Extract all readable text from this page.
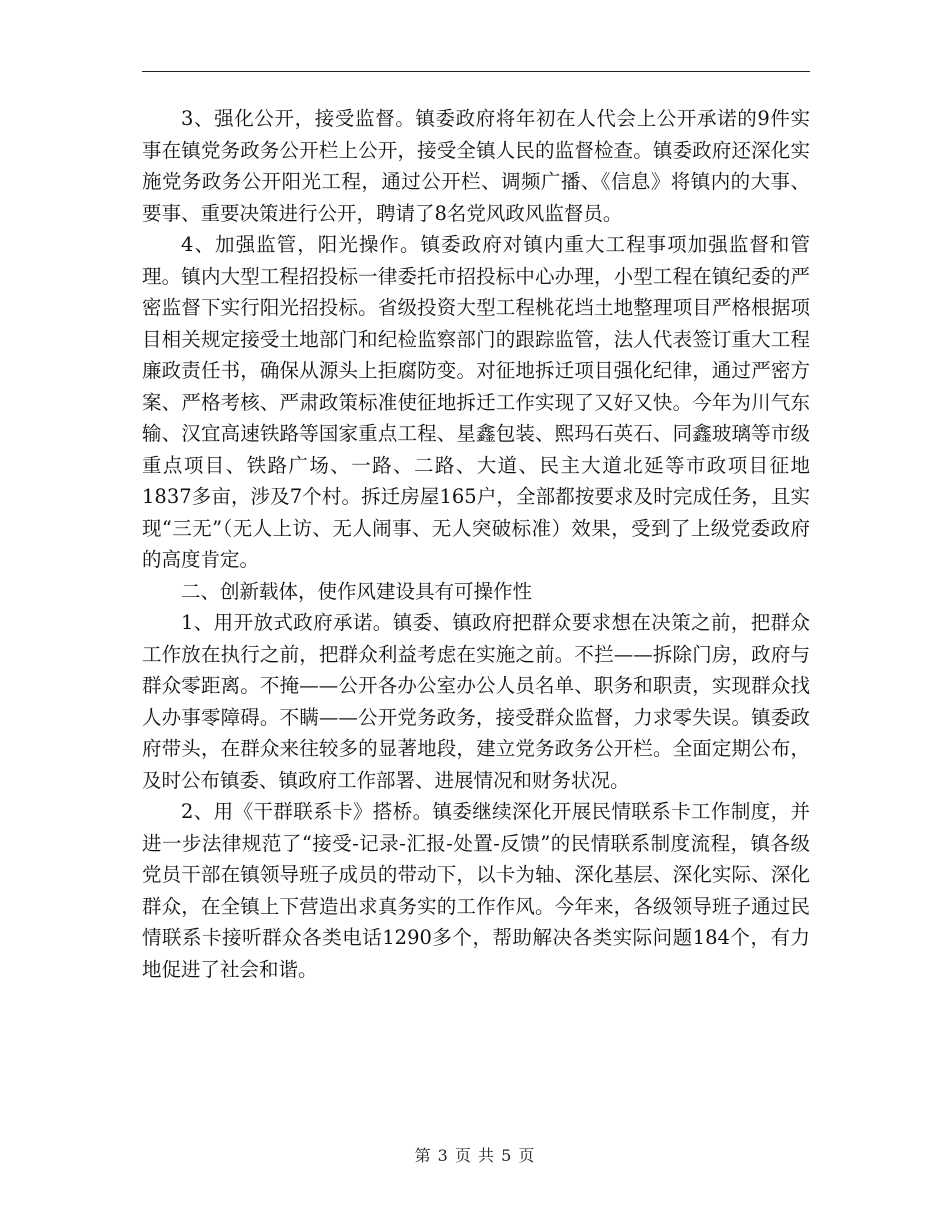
3、强化公开，接受监督。镇委政府将年初在人代会上公开承诺的9件实事在镇党务政务公开栏上公开，接受全镇人民的监督检查。镇委政府还深化实施党务政务公开阳光工程，通过公开栏、调频广播、《信息》将镇内的大事、要事、重要决策进行公开，聘请了8名党风政风监督员。

4、加强监管，阳光操作。镇委政府对镇内重大工程事项加强监督和管理。镇内大型工程招投标一律委托市招投标中心办理，小型工程在镇纪委的严密监督下实行阳光招投标。省级投资大型工程桃花垱土地整理项目严格根据项目相关规定接受土地部门和纪检监察部门的跟踪监管，法人代表签订重大工程廉政责任书，确保从源头上拒腐防变。对征地拆迁项目强化纪律，通过严密方案、严格考核、严肃政策标准使征地拆迁工作实现了又好又快。今年为川气东输、汉宜高速铁路等国家重点工程、星鑫包装、熙玛石英石、同鑫玻璃等市级重点项目、铁路广场、一路、二路、大道、民主大道北延等市政项目征地1837多亩，涉及7个村。拆迁房屋165户，全部都按要求及时完成任务，且实现“三无”（无人上访、无人闹事、无人突破标准）效果，受到了上级党委政府的高度肯定。

二、创新载体，使作风建设具有可操作性

1、用开放式政府承诺。镇委、镇政府把群众要求想在决策之前，把群众工作放在执行之前，把群众利益考虑在实施之前。不拦——拆除门房，政府与群众零距离。不掩——公开各办公室办公人员名单、职务和职责，实现群众找人办事零障碍。不瞒——公开党务政务，接受群众监督，力求零失误。镇委政府带头，在群众来往较多的显著地段，建立党务政务公开栏。全面定期公布，及时公布镇委、镇政府工作部署、进展情况和财务状况。

2、用《干群联系卡》搭桥。镇委继续深化开展民情联系卡工作制度，并进一步法律规范了“接受-记录-汇报-处置-反馈”的民情联系制度流程，镇各级党员干部在镇领导班子成员的带动下，以卡为轴、深化基层、深化实际、深化群众，在全镇上下营造出求真务实的工作作风。今年来，各级领导班子通过民情联系卡接听群众各类电话1290多个，帮助解决各类实际问题184个，有力地促进了社会和谐。

第 3 页 共 5 页
